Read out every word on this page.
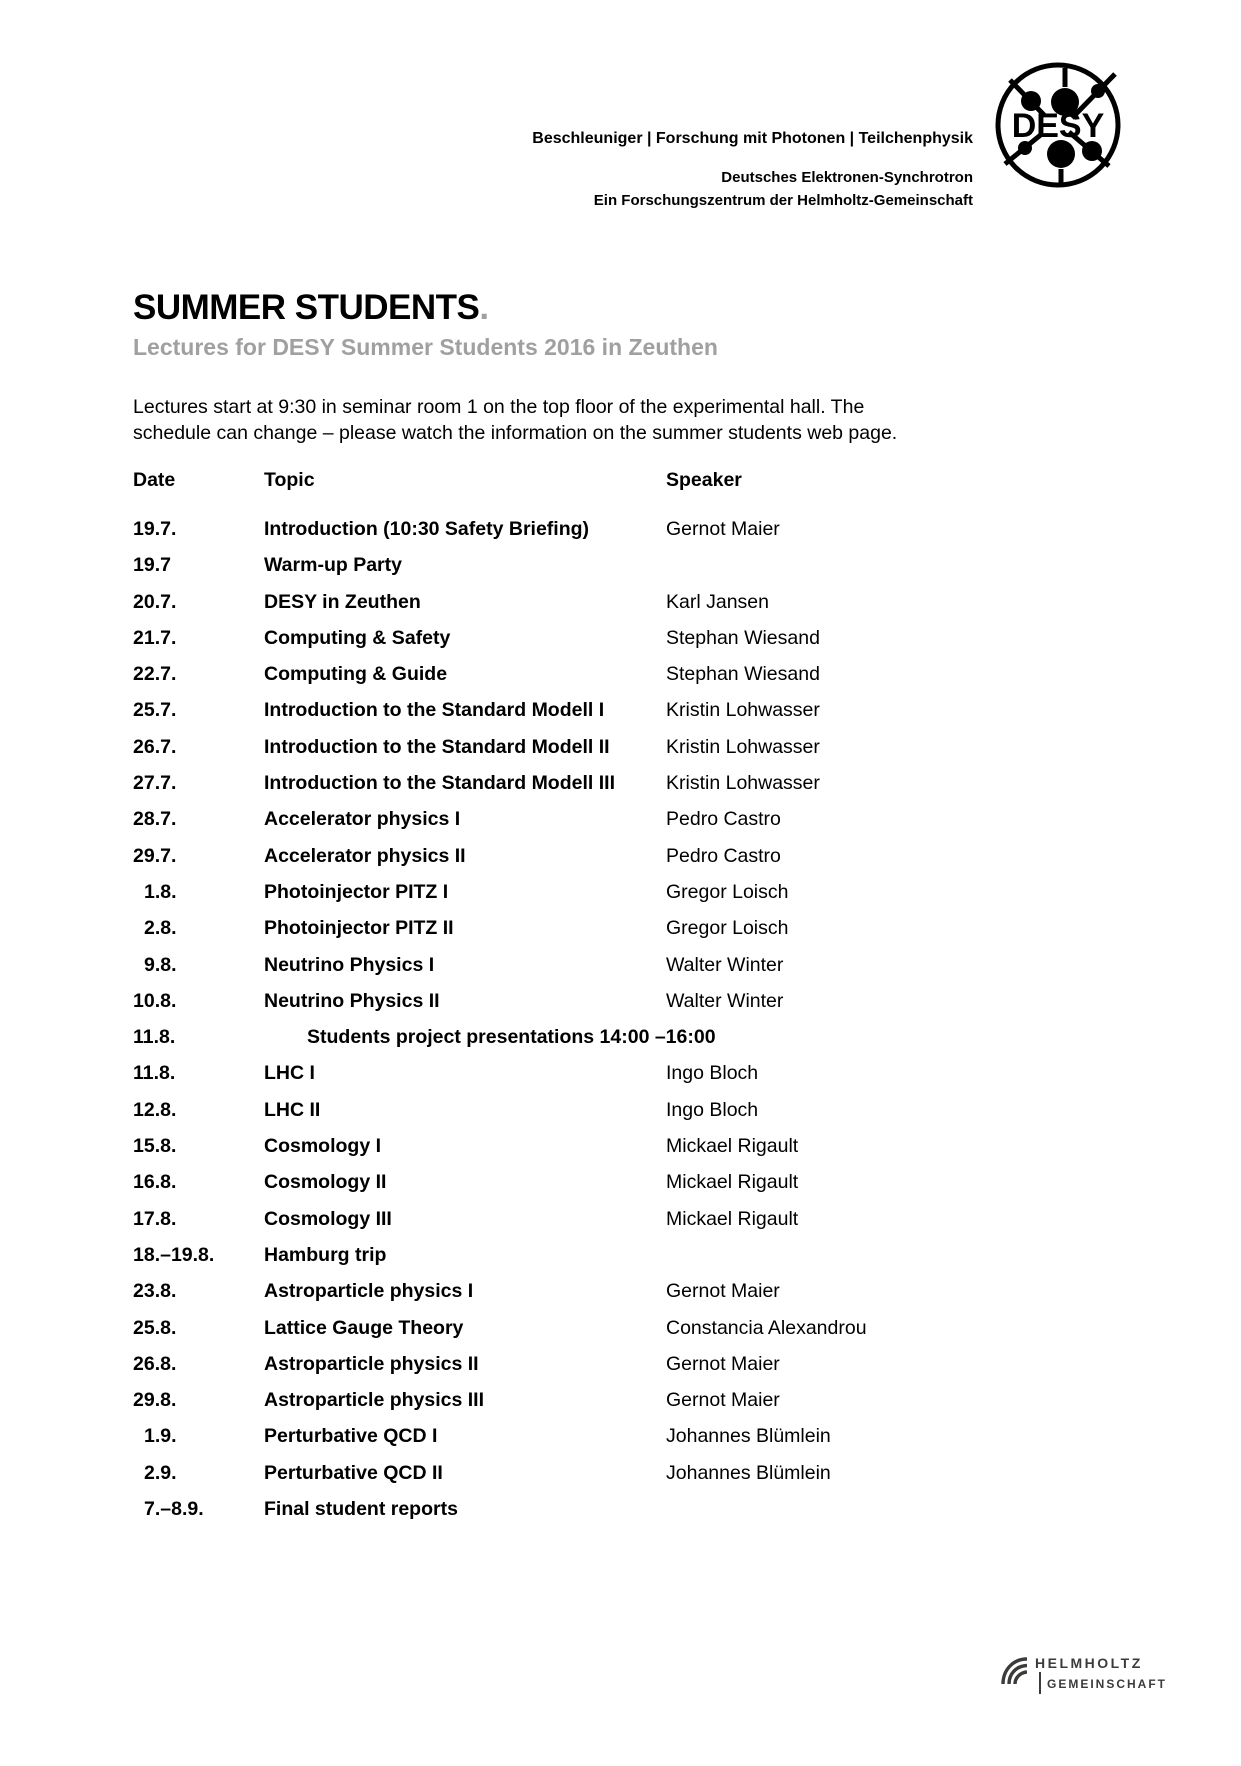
Beschleuniger | Forschung mit Photonen | Teilchenphysik
Deutsches Elektronen-Synchrotron
Ein Forschungszentrum der Helmholtz-Gemeinschaft
DESY
SUMMER STUDENTS.
Lectures for DESY Summer Students 2016 in Zeuthen

Lectures start at 9:30 in seminar room 1 on the top floor of the experimental hall. The
schedule can change – please watch the information on the summer students web page.

Date	Topic	Speaker
19.7.	Introduction (10:30 Safety Briefing)	Gernot Maier
19.7	Warm-up Party
20.7.	DESY in Zeuthen	Karl Jansen
21.7.	Computing & Safety	Stephan Wiesand
22.7.	Computing & Guide	Stephan Wiesand
25.7.	Introduction to the Standard Modell I	Kristin Lohwasser
26.7.	Introduction to the Standard Modell II	Kristin Lohwasser
27.7.	Introduction to the Standard Modell III	Kristin Lohwasser
28.7.	Accelerator physics I	Pedro Castro
29.7.	Accelerator physics II	Pedro Castro
1.8.	Photoinjector PITZ I	Gregor Loisch
2.8.	Photoinjector PITZ II	Gregor Loisch
9.8.	Neutrino Physics I	Walter Winter
10.8.	Neutrino Physics II	Walter Winter
11.8.	Students project presentations 14:00 –16:00
11.8.	LHC I	Ingo Bloch
12.8.	LHC II	Ingo Bloch
15.8.	Cosmology I	Mickael Rigault
16.8.	Cosmology II	Mickael Rigault
17.8.	Cosmology III	Mickael Rigault
18.–19.8.	Hamburg trip
23.8.	Astroparticle physics I	Gernot Maier
25.8.	Lattice Gauge Theory	Constancia Alexandrou
26.8.	Astroparticle physics II	Gernot Maier
29.8.	Astroparticle physics III	Gernot Maier
1.9.	Perturbative QCD I	Johannes Blümlein
2.9.	Perturbative QCD II	Johannes Blümlein
7.–8.9.	Final student reports
HELMHOLTZ
GEMEINSCHAFT
